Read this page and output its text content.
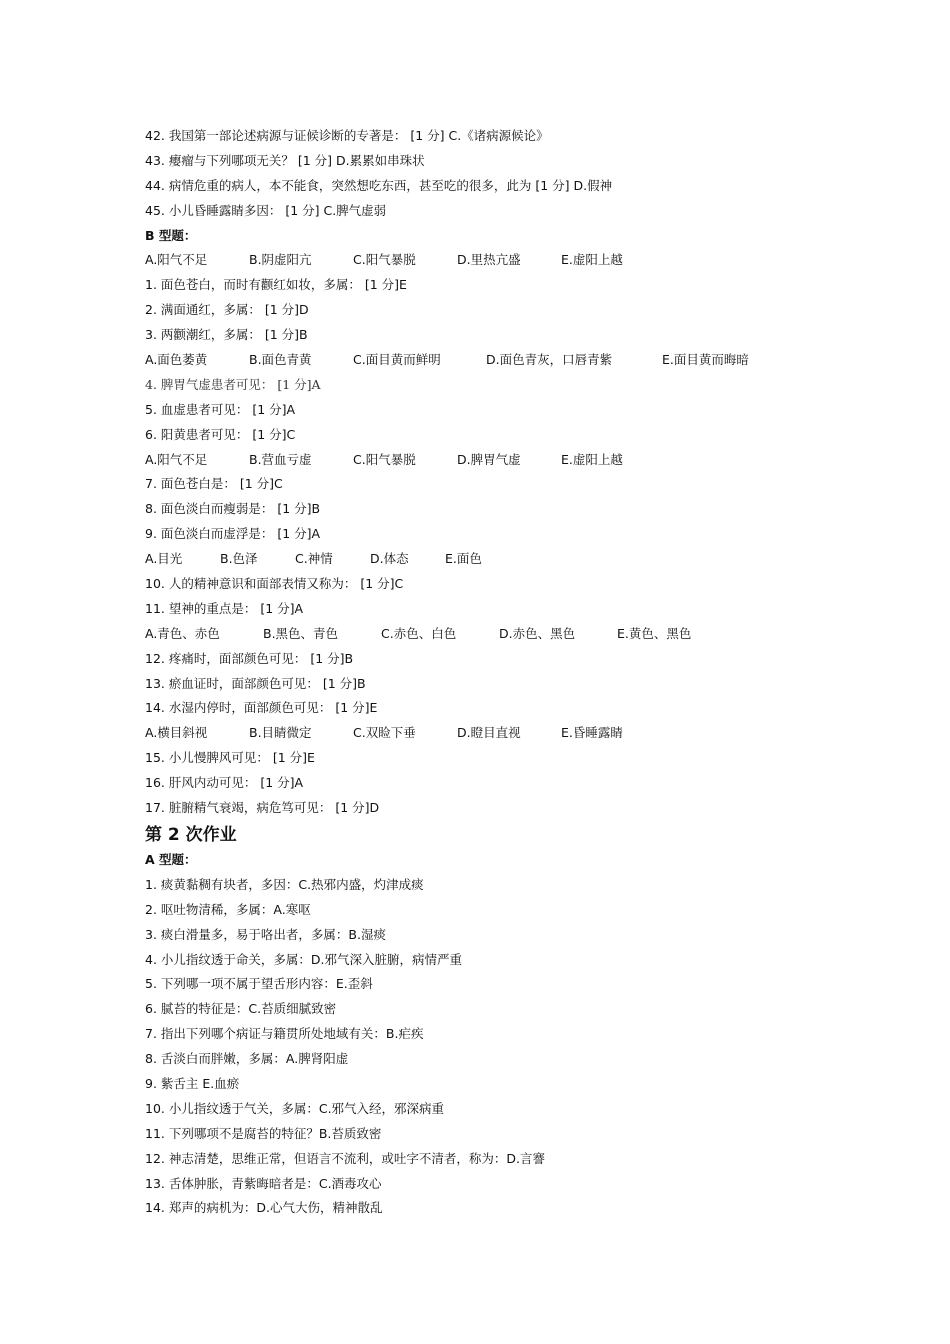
42. 我国第一部论述病源与证候诊断的专著是： [1 分] C.《诸病源候论》
43. 瘿瘤与下列哪项无关？ [1 分] D.累累如串珠状
44. 病情危重的病人，本不能食，突然想吃东西，甚至吃的很多，此为 [1 分] D.假神
45. 小儿昏睡露睛多因： [1 分] C.脾气虚弱
B 型题：
A.阳气不足	B.阴虚阳亢	C.阳气暴脱	D.里热亢盛	E.虚阳上越
1. 面色苍白，而时有颧红如妆，多属： [1 分]E
2. 满面通红，多属： [1 分]D
3. 两颧潮红，多属： [1 分]B
A.面色萎黄	B.面色青黄	C.面目黄而鲜明	D.面色青灰，口唇青紫	E.面目黄而晦暗
4. 脾胃气虚患者可见： [1 分]A
5. 血虚患者可见： [1 分]A
6. 阳黄患者可见： [1 分]C
A.阳气不足	B.营血亏虚	C.阳气暴脱	D.脾胃气虚	E.虚阳上越
7. 面色苍白是： [1 分]C
8. 面色淡白而瘦弱是： [1 分]B
9. 面色淡白而虚浮是： [1 分]A
A.目光	B.色泽	C.神情	D.体态	E.面色
10. 人的精神意识和面部表情又称为： [1 分]C
11. 望神的重点是： [1 分]A
A.青色、赤色	B.黑色、青色	C.赤色、白色	D.赤色、黑色	E.黄色、黑色
12. 疼痛时，面部颜色可见： [1 分]B
13. 瘀血证时，面部颜色可见： [1 分]B
14. 水湿内停时，面部颜色可见： [1 分]E
A.横目斜视	B.目睛微定	C.双睑下垂	D.瞪目直视	E.昏睡露睛
15. 小儿慢脾风可见： [1 分]E
16. 肝风内动可见： [1 分]A
17. 脏腑精气衰竭，病危笃可见： [1 分]D
第 2 次作业
A 型题：
1. 痰黄黏稠有块者，多因：C.热邪内盛，灼津成痰
2. 呕吐物清稀，多属：A.寒呕
3. 痰白滑量多，易于咯出者，多属：B.湿痰
4. 小儿指纹透于命关，多属：D.邪气深入脏腑，病情严重
5. 下列哪一项不属于望舌形内容：E.歪斜
6. 腻苔的特征是：C.苔质细腻致密
7. 指出下列哪个病证与籍贯所处地域有关：B.疟疾
8. 舌淡白而胖嫩，多属：A.脾肾阳虚
9. 紫舌主 E.血瘀
10. 小儿指纹透于气关，多属：C.邪气入经，邪深病重
11. 下列哪项不是腐苔的特征？B.苔质致密
12. 神志清楚，思维正常，但语言不流利，或吐字不清者，称为：D.言謇
13. 舌体肿胀，青紫晦暗者是：C.酒毒攻心
14. 郑声的病机为：D.心气大伤，精神散乱
